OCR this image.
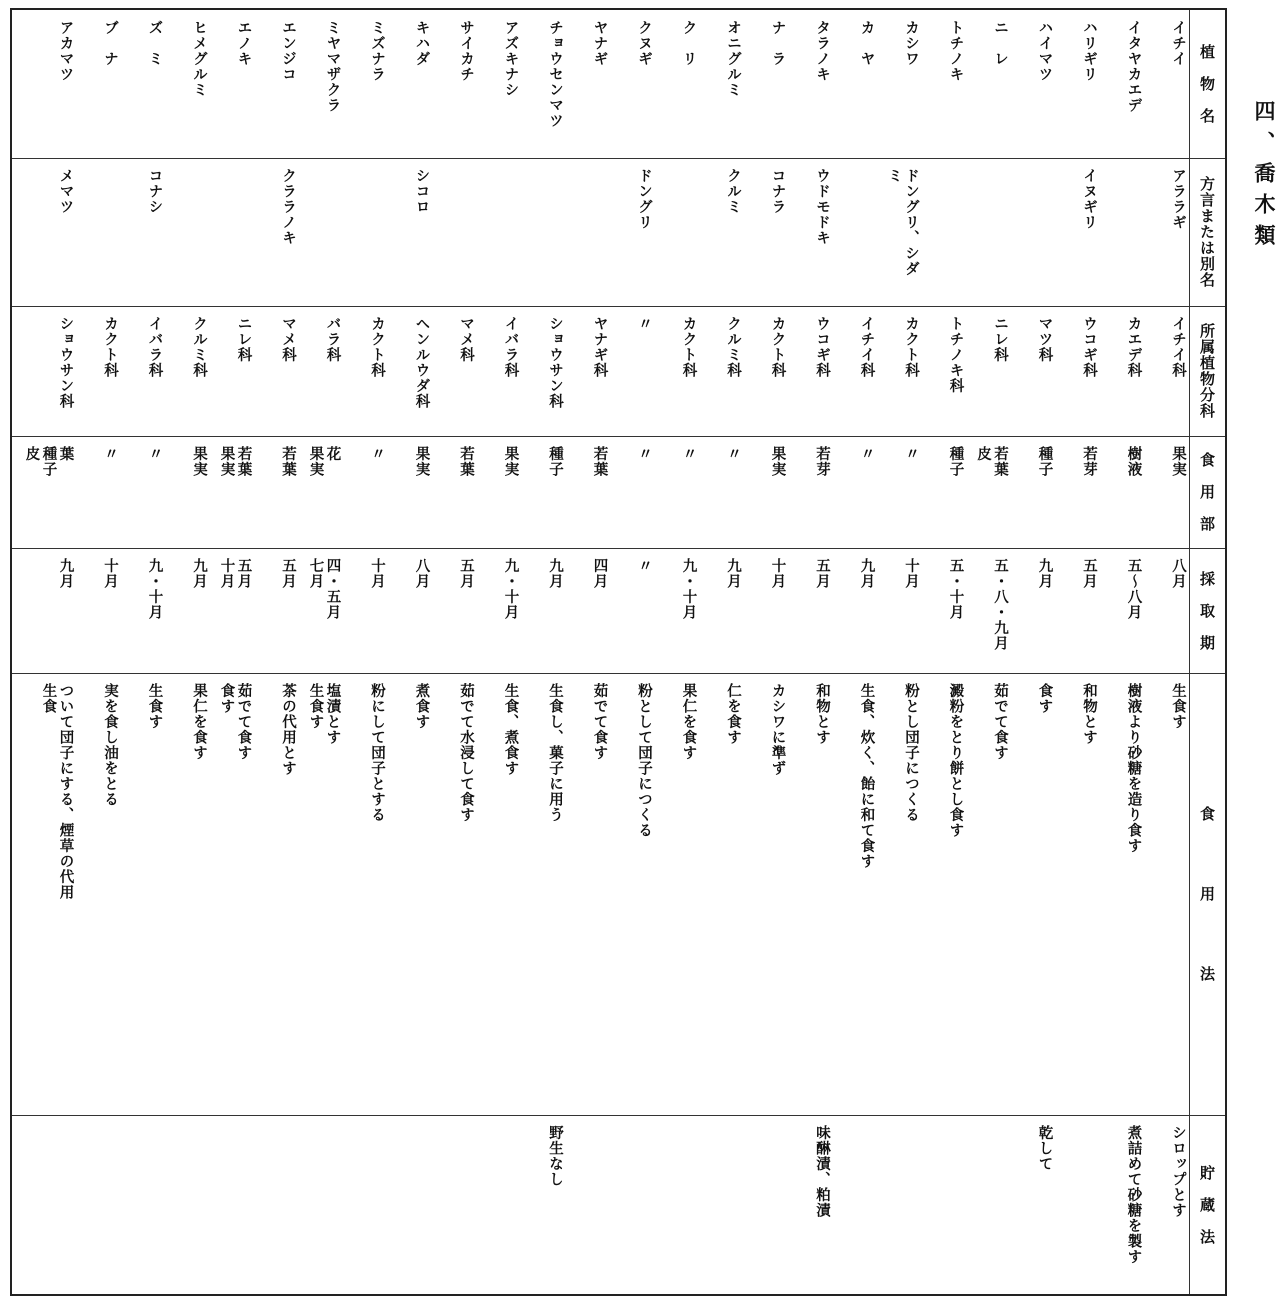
植　物　名
方言または別名
所属植物分科
食　用　部
採　取　期
食　　　　用　　　　法
貯　蔵　法
イチイ
アララギ
イチイ科
果実
八月
生食す
シロップとす
イタヤカエデ
カエデ科
樹液
五〜八月
樹液より砂糖を造り食す
煮詰めて砂糖を製す
ハリギリ
イヌギリ
ウコギ科
若芽
五月
和物とす
ハイマツ
マツ科
種子
九月
食す
乾して
ニ　レ
ニレ科
若葉
皮
五・八・九月
茹でて食す
トチノキ
トチノキ科
種子
五・十月
澱粉をとり餅とし食す
カシワ
ドングリ、シダ
ミ
カクト科
〃
十月
粉とし団子につくる
カ　ヤ
イチイ科
〃
九月
生食、炊く、飴に和て食す
タラノキ
ウドモドキ
ウコギ科
若芽
五月
和物とす
味醂漬、粕漬
ナ　ラ
コナラ
カクト科
果実
十月
カシワに準ず
オニグルミ
クルミ
クルミ科
〃
九月
仁を食す
ク　リ
カクト科
〃
九・十月
果仁を食す
クヌギ
ドングリ
〃
〃
〃
粉として団子につくる
ヤナギ
ヤナギ科
若葉
四月
茹でて食す
チョウセンマツ
ショウサン科
種子
九月
生食し、菓子に用う
野生なし
アズキナシ
イバラ科
果実
九・十月
生食、煮食す
サイカチ
マメ科
若葉
五月
茹でて水浸して食す
キハダ
シコロ
ヘンルウダ科
果実
八月
煮食す
ミズナラ
カクト科
〃
十月
粉にして団子とする
ミヤマザクラ
バラ科
花
果実
四・五月
七月
塩漬とす
生食す
エンジコ
クララノキ
マメ科
若葉
五月
茶の代用とす
エノキ
ニレ科
若葉
果実
五月
十月
茹でて食す
食す
ヒメグルミ
クルミ科
果実
九月
果仁を食す
ズ　ミ
コナシ
イバラ科
〃
九・十月
生食す
ブ　ナ
カクト科
〃
十月
実を食し油をとる
アカマツ
メマツ
ショウサン科
葉
種子
皮
九月
ついて団子にする、煙草の代用
生食
四、喬木類
